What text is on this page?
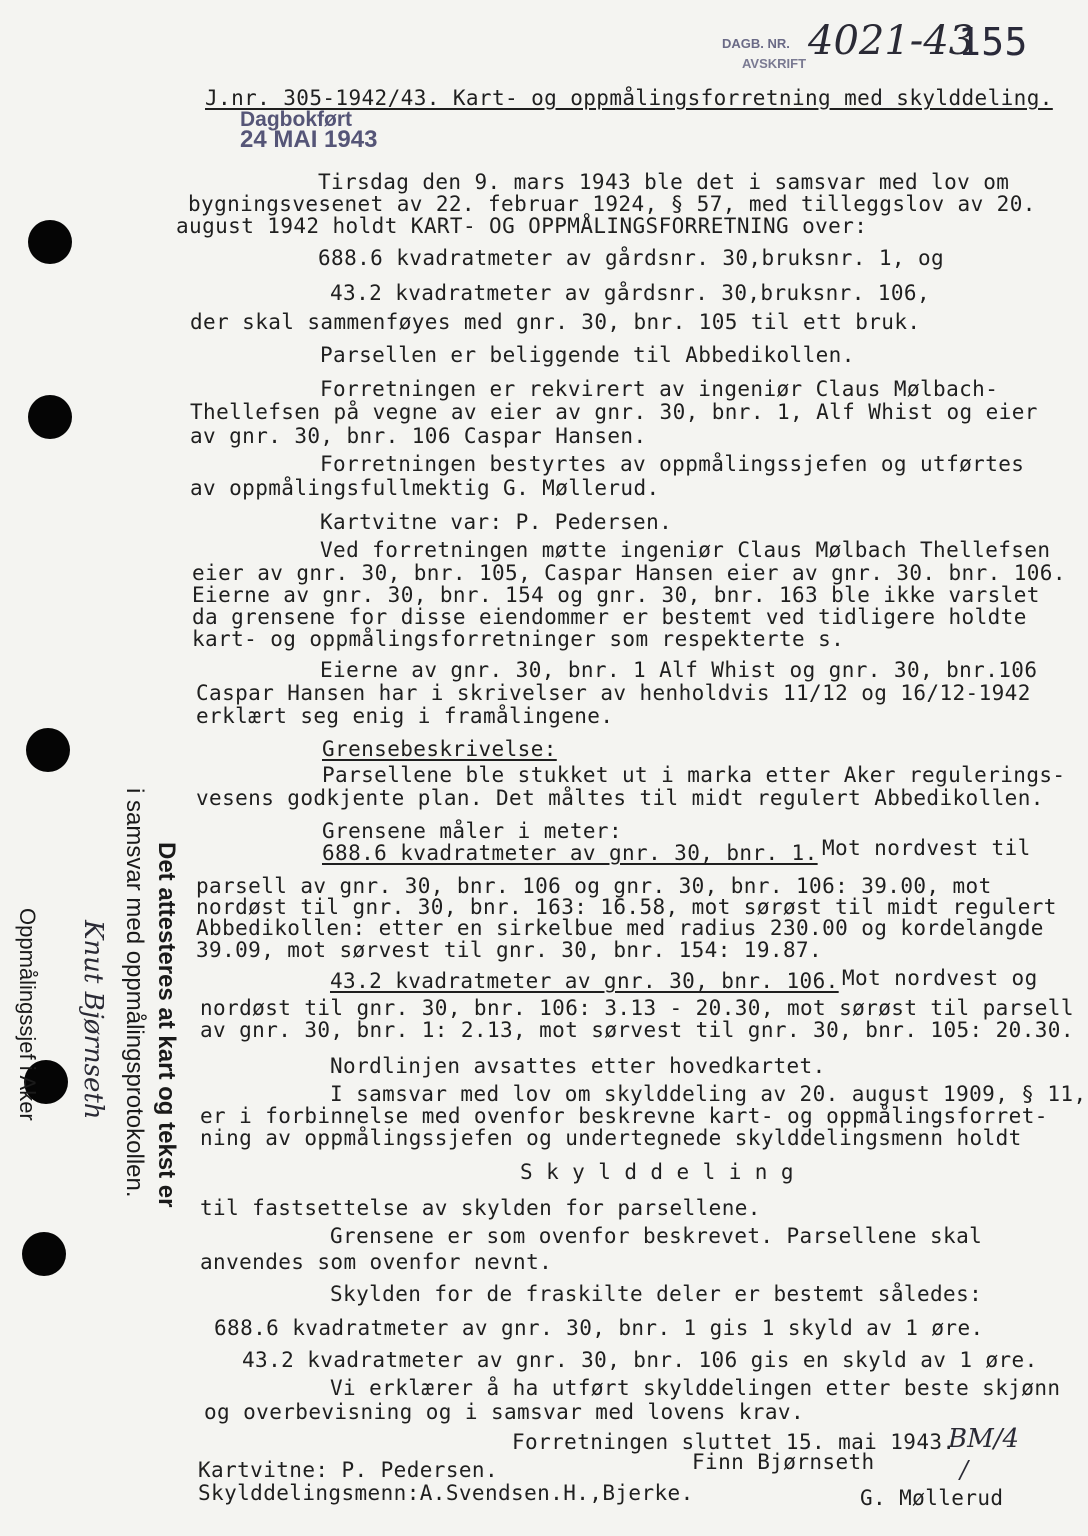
DAGB. NR.
AVSKRIFT 4021-43
155
Dagbokført
24 MAI 1943
J.nr. 305-1942/43. Kart- og oppmålingsforretning med skylddeling.
Tirsdag den 9. mars 1943 ble det i samsvar med lov om
bygningsvesenet av 22. februar 1924, § 57, med tilleggslov av 20.
august 1942 holdt KART- OG OPPMÅLINGSFORRETNING over:
688.6 kvadratmeter av gårdsnr. 30,bruksnr. 1, og
43.2 kvadratmeter av gårdsnr. 30,bruksnr. 106,
der skal sammenføyes med gnr. 30, bnr. 105 til ett bruk.
Parsellen er beliggende til Abbedikollen.
Forretningen er rekvirert av ingeniør Claus Mølbach-
Thellefsen på vegne av eier av gnr. 30, bnr. 1, Alf Whist og eier
av gnr. 30, bnr. 106 Caspar Hansen.
Forretningen bestyrtes av oppmålingssjefen og utførtes
av oppmålingsfullmektig G. Møllerud.
Kartvitne var: P. Pedersen.
Ved forretningen møtte ingeniør Claus Mølbach Thellefsen
eier av gnr. 30, bnr. 105, Caspar Hansen eier av gnr. 30. bnr. 106.
Eierne av gnr. 30, bnr. 154 og gnr. 30, bnr. 163 ble ikke varslet
da grensene for disse eiendommer er bestemt ved tidligere holdte
kart- og oppmålingsforretninger som respekterte s.
Eierne av gnr. 30, bnr. 1 Alf Whist og gnr. 30, bnr.106
Caspar Hansen har i skrivelser av henholdvis 11/12 og 16/12-1942
erklært seg enig i framålingene.
Grensebeskrivelse:
Parsellene ble stukket ut i marka etter Aker regulerings-
vesens godkjente plan. Det måltes til midt regulert Abbedikollen.
Grensene måler i meter:
688.6 kvadratmeter av gnr. 30, bnr. 1. Mot nordvest til
parsell av gnr. 30, bnr. 106 og gnr. 30, bnr. 106: 39.00, mot
nordøst til gnr. 30, bnr. 163: 16.58, mot sørøst til midt regulert
Abbedikollen: etter en sirkelbue med radius 230.00 og kordelangde
39.09, mot sørvest til gnr. 30, bnr. 154: 19.87.
43.2 kvadratmeter av gnr. 30, bnr. 106. Mot nordvest og
nordøst til gnr. 30, bnr. 106: 3.13 - 20.30, mot sørøst til parsell
av gnr. 30, bnr. 1: 2.13, mot sørvest til gnr. 30, bnr. 105: 20.30.
Nordlinjen avsattes etter hovedkartet.
I samsvar med lov om skylddeling av 20. august 1909, § 11,
er i forbinnelse med ovenfor beskrevne kart- og oppmålingsforret-
ning av oppmålingssjefen og undertegnede skylddelingsmenn holdt
S k y l d d e l i n g
til fastsettelse av skylden for parsellene.
Grensene er som ovenfor beskrevet. Parsellene skal
anvendes som ovenfor nevnt.
Skylden for de fraskilte deler er bestemt således:
688.6 kvadratmeter av gnr. 30, bnr. 1 gis 1 skyld av 1 øre.
43.2 kvadratmeter av gnr. 30, bnr. 106 gis en skyld av 1 øre.
Vi erklærer å ha utført skylddelingen etter beste skjønn
og overbevisning og i samsvar med lovens krav.
Forretningen sluttet 15. mai 1943.
Finn Bjørnseth
Kartvitne: P. Pedersen.
Skylddelingsmenn:A.Svendsen.H.,Bjerke.	G. Møllerud
BM/4
/
Det attesteres at kart og tekst er
i samsvar med oppmålingsprotokollen.
Knut Bjørnseth
Oppmålingssjef i Aker
